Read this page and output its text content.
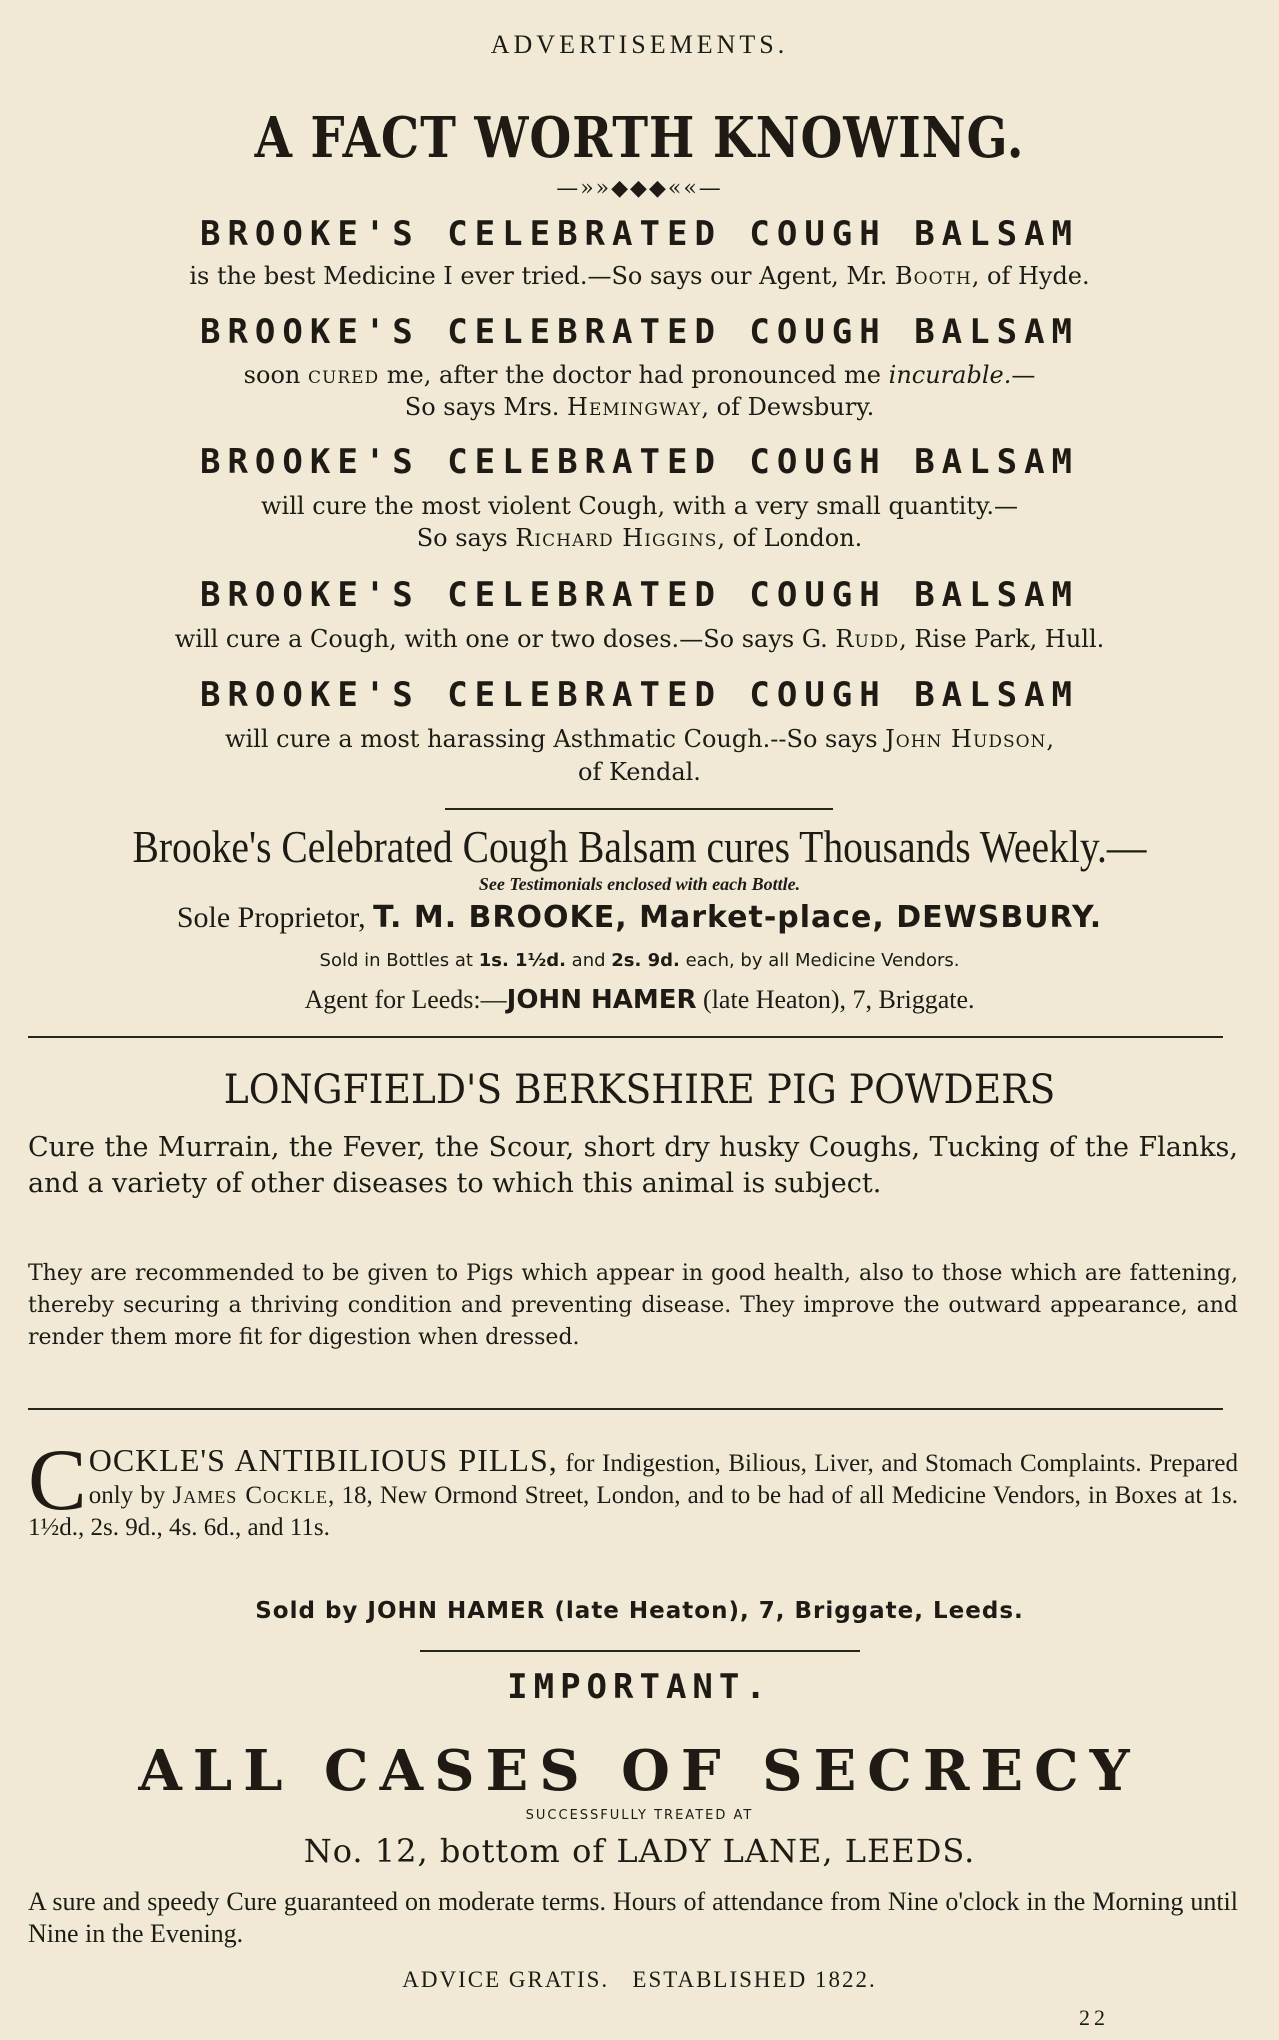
ADVERTISEMENTS.
A FACT WORTH KNOWING.
—»»◆◆◆««—
BROOKE'S CELEBRATED COUGH BALSAM
is the best Medicine I ever tried.—So says our Agent, Mr. Booth, of Hyde.
BROOKE'S CELEBRATED COUGH BALSAM
soon cured me, after the doctor had pronounced me incurable.—
So says Mrs. Hemingway, of Dewsbury.
BROOKE'S CELEBRATED COUGH BALSAM
will cure the most violent Cough, with a very small quantity.—
So says Richard Higgins, of London.
BROOKE'S CELEBRATED COUGH BALSAM
will cure a Cough, with one or two doses.—So says G. Rudd, Rise Park, Hull.
BROOKE'S CELEBRATED COUGH BALSAM
will cure a most harassing Asthmatic Cough.--So says John Hudson,
of Kendal.
Brooke's Celebrated Cough Balsam cures Thousands Weekly.—
See Testimonials enclosed with each Bottle.
Sole Proprietor, T. M. BROOKE, Market-place, DEWSBURY.
Sold in Bottles at 1s. 1½d. and 2s. 9d. each, by all Medicine Vendors.
Agent for Leeds:—JOHN HAMER (late Heaton), 7, Briggate.
LONGFIELD'S BERKSHIRE PIG POWDERS
Cure the Murrain, the Fever, the Scour, short dry husky Coughs, Tucking of the Flanks, and a variety of other diseases to which this animal is subject.
They are recommended to be given to Pigs which appear in good health, also to those which are fattening, thereby securing a thriving condition and preventing disease. They improve the outward appearance, and render them more fit for digestion when dressed.
COCKLE'S ANTIBILIOUS PILLS, for Indigestion, Bilious, Liver, and Stomach Complaints. Prepared only by James Cockle, 18, New Ormond Street, London, and to be had of all Medicine Vendors, in Boxes at 1s. 1½d., 2s. 9d., 4s. 6d., and 11s.
Sold by JOHN HAMER (late Heaton), 7, Briggate, Leeds.
IMPORTANT.
ALL CASES OF SECRECY
SUCCESSFULLY TREATED AT
No. 12, bottom of LADY LANE, LEEDS.
A sure and speedy Cure guaranteed on moderate terms. Hours of attendance from Nine o'clock in the Morning until Nine in the Evening.
ADVICE GRATIS.   ESTABLISHED 1822.
22
